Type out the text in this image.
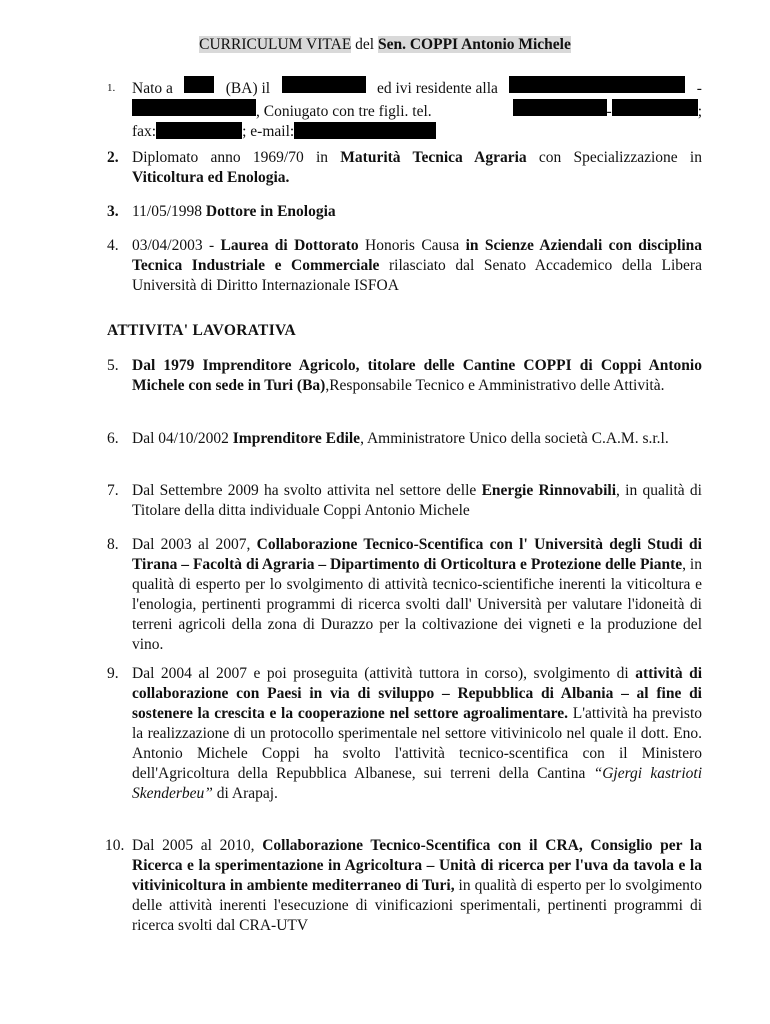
CURRICULUM VITAE del Sen. COPPI Antonio Michele
1. Nato a	(BA) il	ed ivi residente alla	-
, Coniugato con tre figli. tel.	-	;
fax:	; e-mail:
2. Diplomato anno 1969/70 in Maturità Tecnica Agraria con Specializzazione in Viticoltura ed Enologia.
3. 11/05/1998 Dottore in Enologia
4. 03/04/2003 - Laurea di Dottorato Honoris Causa in Scienze Aziendali con disciplina Tecnica Industriale e Commerciale rilasciato dal Senato Accademico della Libera Università di Diritto Internazionale ISFOA
ATTIVITA' LAVORATIVA
5. Dal 1979 Imprenditore Agricolo, titolare delle Cantine COPPI di Coppi Antonio Michele con sede in Turi (Ba),Responsabile Tecnico e Amministrativo delle Attività.
6. Dal 04/10/2002 Imprenditore Edile, Amministratore Unico della società C.A.M. s.r.l.
7. Dal Settembre 2009 ha svolto attivita nel settore delle Energie Rinnovabili, in qualità di Titolare della ditta individuale Coppi Antonio Michele
8. Dal 2003 al 2007, Collaborazione Tecnico-Scentifica con l' Università degli Studi di Tirana – Facoltà di Agraria – Dipartimento di Orticoltura e Protezione delle Piante, in qualità di esperto per lo svolgimento di attività tecnico-scientifiche inerenti la viticoltura e l'enologia, pertinenti programmi di ricerca svolti dall' Università per valutare l'idoneità di terreni agricoli della zona di Durazzo per la coltivazione dei vigneti e la produzione del vino.
9. Dal 2004 al 2007 e poi proseguita (attività tuttora in corso), svolgimento di attività di collaborazione con Paesi in via di sviluppo – Repubblica di Albania – al fine di sostenere la crescita e la cooperazione nel settore agroalimentare. L'attività ha previsto la realizzazione di un protocollo sperimentale nel settore vitivinicolo nel quale il dott. Eno. Antonio Michele Coppi ha svolto l'attività tecnico-scentifica con il Ministero dell'Agricoltura della Repubblica Albanese, sui terreni della Cantina “Gjergi kastrioti Skenderbeu” di Arapaj.
10. Dal 2005 al 2010, Collaborazione Tecnico-Scentifica con il CRA, Consiglio per la Ricerca e la sperimentazione in Agricoltura – Unità di ricerca per l'uva da tavola e la vitivinicoltura in ambiente mediterraneo di Turi, in qualità di esperto per lo svolgimento delle attività inerenti l'esecuzione di vinificazioni sperimentali, pertinenti programmi di ricerca svolti dal CRA-UTV
